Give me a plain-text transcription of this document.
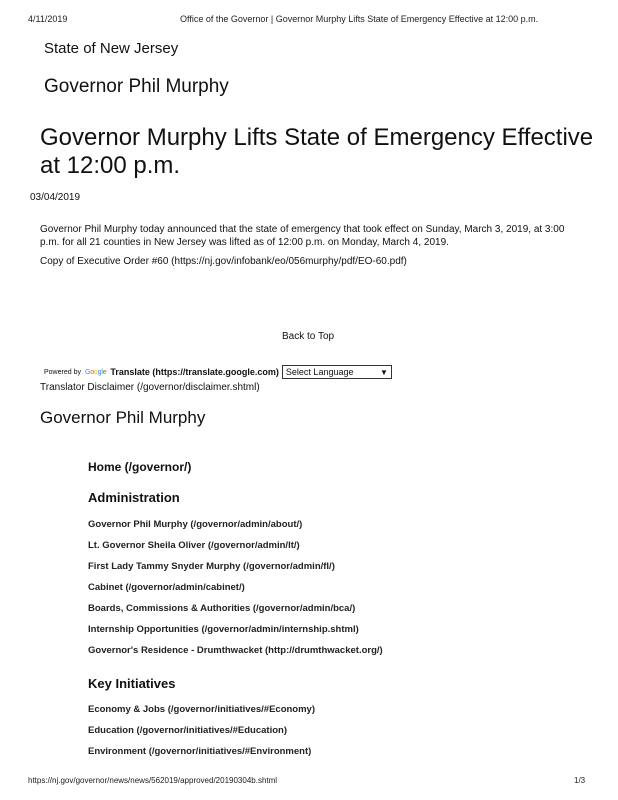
4/11/2019	Office of the Governor | Governor Murphy Lifts State of Emergency Effective at 12:00 p.m.
State of New Jersey
Governor Phil Murphy
Governor Murphy Lifts State of Emergency Effective at 12:00 p.m.
03/04/2019

Governor Phil Murphy today announced that the state of emergency that took effect on Sunday, March 3, 2019, at 3:00 p.m. for all 21 counties in New Jersey was lifted as of 12:00 p.m. on Monday, March 4, 2019.

Copy of Executive Order #60 (https://nj.gov/infobank/eo/056murphy/pdf/EO-60.pdf)
Back to Top
Powered by Google Translate (https://translate.google.com) Select Language	▼
Translator Disclaimer (/governor/disclaimer.shtml)
Governor Phil Murphy
Home (/governor/)
Administration
Governor Phil Murphy (/governor/admin/about/)
Lt. Governor Sheila Oliver (/governor/admin/lt/)
First Lady Tammy Snyder Murphy (/governor/admin/fl/)
Cabinet (/governor/admin/cabinet/)
Boards, Commissions & Authorities (/governor/admin/bca/)
Internship Opportunities (/governor/admin/internship.shtml)
Governor's Residence - Drumthwacket (http://drumthwacket.org/)
Key Initiatives
Economy & Jobs (/governor/initiatives/#Economy)
Education (/governor/initiatives/#Education)
Environment (/governor/initiatives/#Environment)
https://nj.gov/governor/news/news/562019/approved/20190304b.shtml	1/3
